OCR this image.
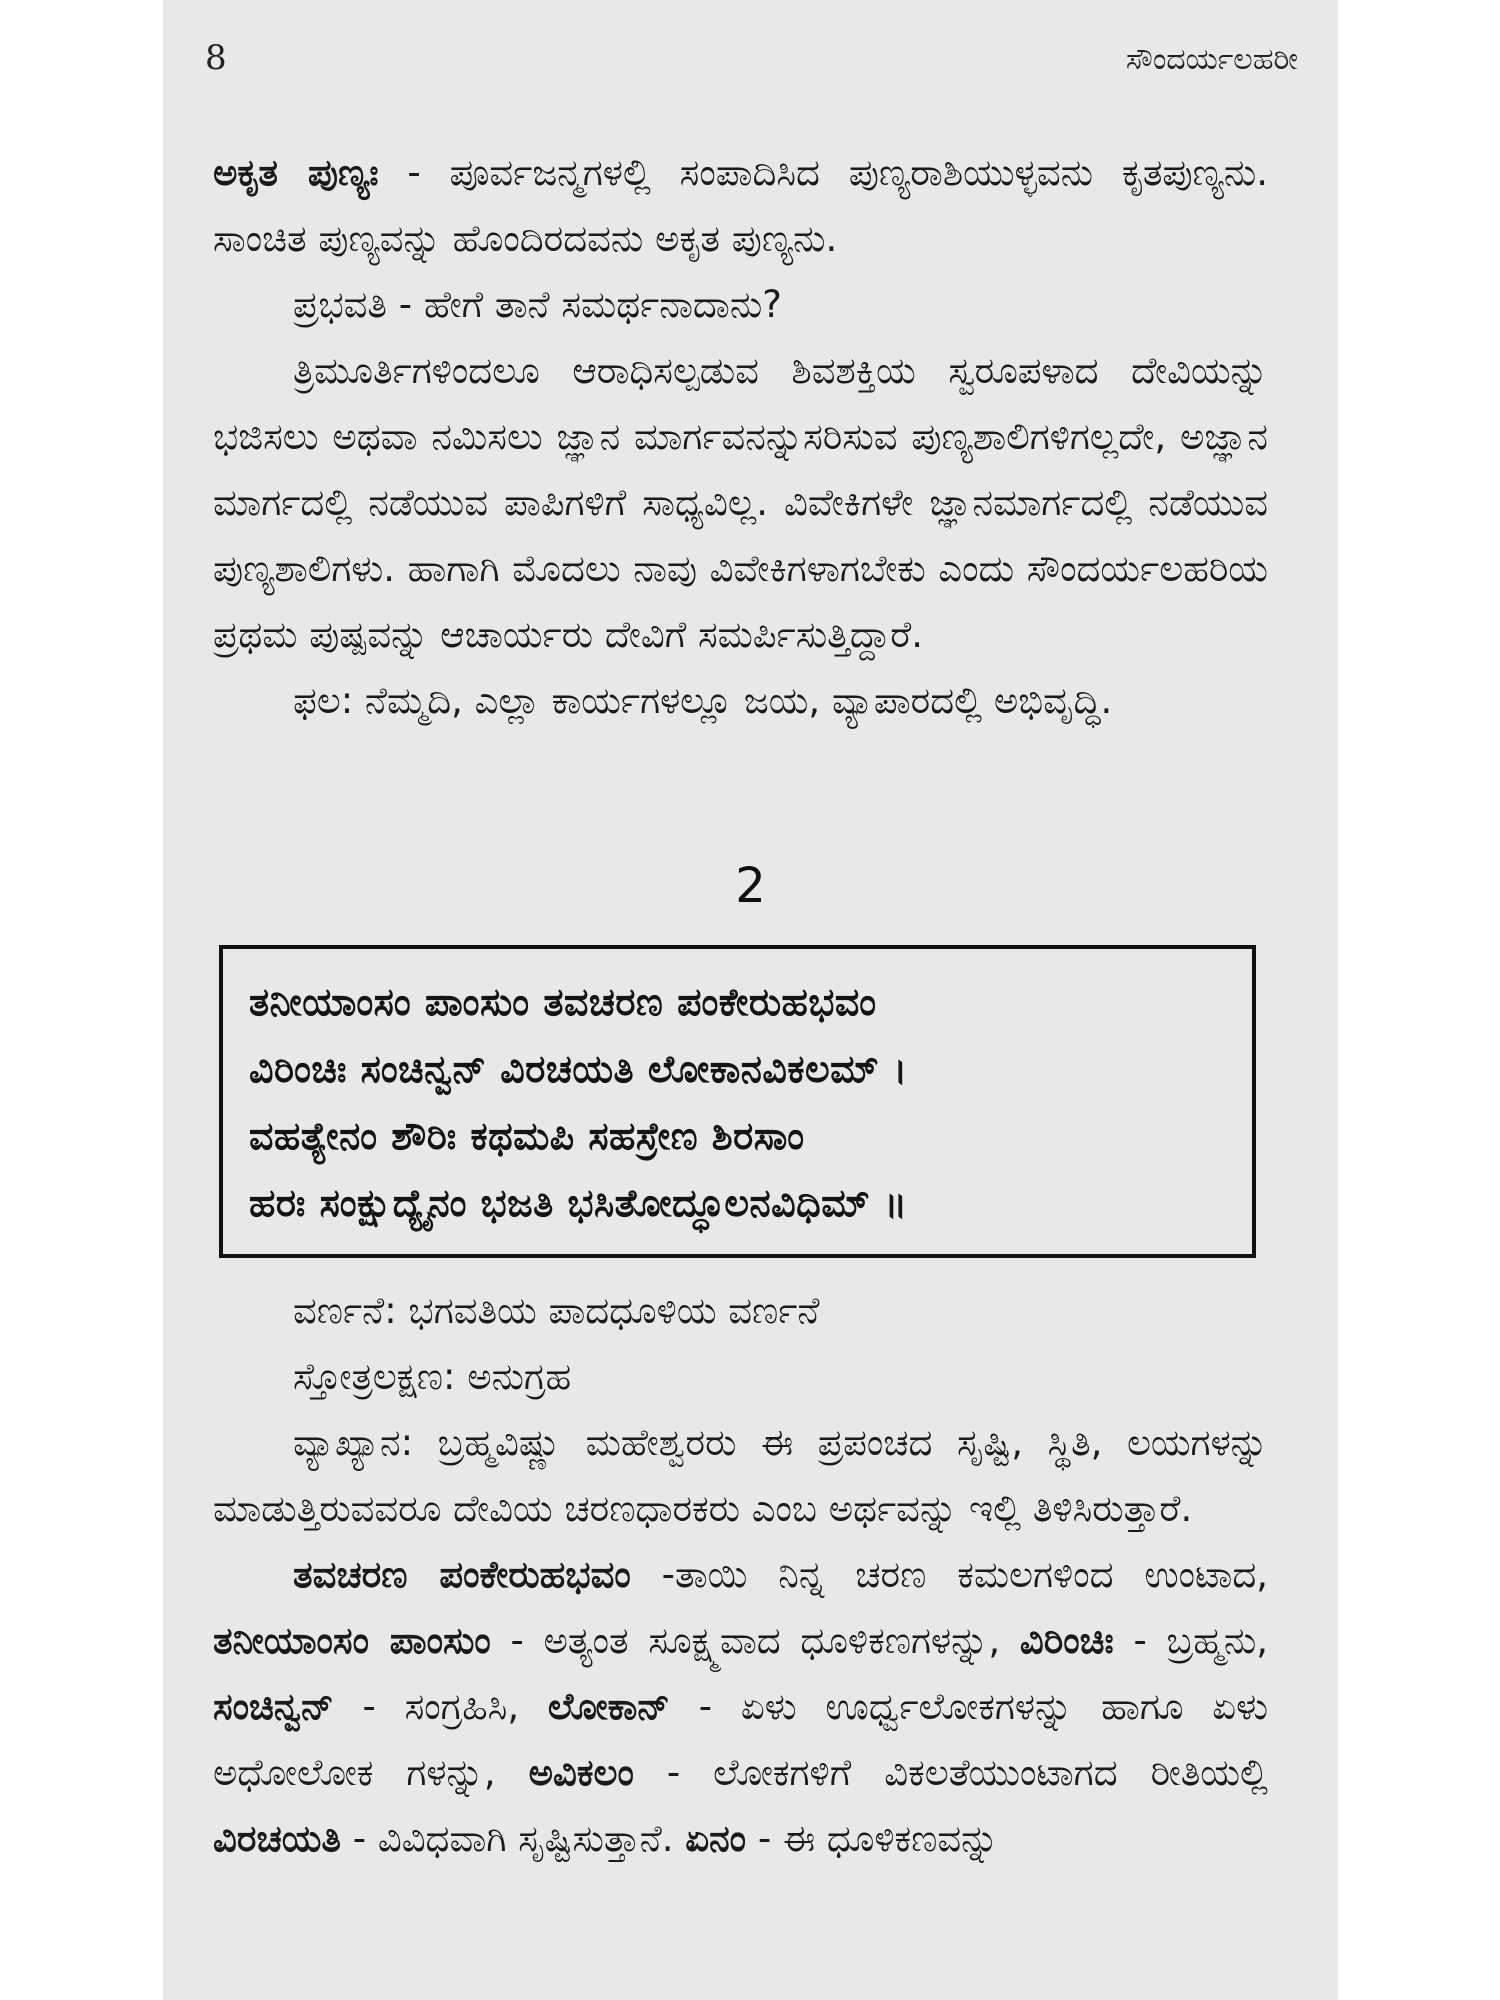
8	ಸೌಂದರ್ಯಲಹರೀ

ಅಕೃತ ಪುಣ್ಯಃ - ಪೂರ್ವಜನ್ಮಗಳಲ್ಲಿ ಸಂಪಾದಿಸಿದ ಪುಣ್ಯರಾಶಿಯುಳ್ಳವನು ಕೃತಪುಣ್ಯನು. ಸಾಂಚಿತ ಪುಣ್ಯವನ್ನು ಹೊಂದಿರದವನು ಅಕೃತ ಪುಣ್ಯನು.

ಪ್ರಭವತಿ - ಹೇಗೆ ತಾನೆ ಸಮರ್ಥನಾದಾನು?

ತ್ರಿಮೂರ್ತಿಗಳಿಂದಲೂ ಆರಾಧಿಸಲ್ಪಡುವ ಶಿವಶಕ್ತಿಯ ಸ್ವರೂಪಳಾದ ದೇವಿಯನ್ನು ಭಜಿಸಲು ಅಥವಾ ನಮಿಸಲು ಜ್ಞಾನ ಮಾರ್ಗವನನ್ನುಸರಿಸುವ ಪುಣ್ಯಶಾಲಿಗಳಿಗಲ್ಲದೇ, ಅಜ್ಞಾನ ಮಾರ್ಗದಲ್ಲಿ ನಡೆಯುವ ಪಾಪಿಗಳಿಗೆ ಸಾಧ್ಯವಿಲ್ಲ. ವಿವೇಕಿಗಳೇ ಜ್ಞಾನಮಾರ್ಗದಲ್ಲಿ ನಡೆಯುವ ಪುಣ್ಯಶಾಲಿಗಳು. ಹಾಗಾಗಿ ಮೊದಲು ನಾವು ವಿವೇಕಿಗಳಾಗಬೇಕು ಎಂದು ಸೌಂದರ್ಯಲಹರಿಯ ಪ್ರಥಮ ಪುಷ್ಪವನ್ನು ಆಚಾರ್ಯರು ದೇವಿಗೆ ಸಮರ್ಪಿಸುತ್ತಿದ್ದಾರೆ.

ಫಲ: ನೆಮ್ಮದಿ, ಎಲ್ಲಾ ಕಾರ್ಯಗಳಲ್ಲೂ ಜಯ, ವ್ಯಾಪಾರದಲ್ಲಿ ಅಭಿವೃದ್ಧಿ.

2
ತನೀಯಾಂಸಂ ಪಾಂಸುಂ ತವಚರಣ ಪಂಕೇರುಹಭವಂ
ವಿರಿಂಚಿಃ ಸಂಚಿನ್ವನ್ ವಿರಚಯತಿ ಲೋಕಾನವಿಕಲಮ್ ।
ವಹತ್ಯೇನಂ ಶೌರಿಃ ಕಥಮಪಿ ಸಹಸ್ರೇಣ ಶಿರಸಾಂ
ಹರಃ ಸಂಕ್ಷುದ್ಯೈನಂ ಭಜತಿ ಭಸಿತೋದ್ಧೂಲನವಿಧಿಮ್ ॥

ವರ್ಣನೆ: ಭಗವತಿಯ ಪಾದಧೂಳಿಯ ವರ್ಣನೆ

ಸ್ತೋತ್ರಲಕ್ಷಣ: ಅನುಗ್ರಹ

ವ್ಯಾಖ್ಯಾನ: ಬ್ರಹ್ಮವಿಷ್ಣು ಮಹೇಶ್ವರರು ಈ ಪ್ರಪಂಚದ ಸೃಷ್ಟಿ, ಸ್ಥಿತಿ, ಲಯಗಳನ್ನು ಮಾಡುತ್ತಿರುವವರೂ ದೇವಿಯ ಚರಣಧಾರಕರು ಎಂಬ ಅರ್ಥವನ್ನು ಇಲ್ಲಿ ತಿಳಿಸಿರುತ್ತಾರೆ.

ತವಚರಣ ಪಂಕೇರುಹಭವಂ -ತಾಯಿ ನಿನ್ನ ಚರಣ ಕಮಲಗಳಿಂದ ಉಂಟಾದ, ತನೀಯಾಂಸಂ ಪಾಂಸುಂ - ಅತ್ಯಂತ ಸೂಕ್ಷ್ಮವಾದ ಧೂಳಿಕಣಗಳನ್ನು, ವಿರಿಂಚಿಃ - ಬ್ರಹ್ಮನು, ಸಂಚಿನ್ವನ್ - ಸಂಗ್ರಹಿಸಿ, ಲೋಕಾನ್ - ಏಳು ಊರ್ಧ್ವಲೋಕಗಳನ್ನು ಹಾಗೂ ಏಳು ಅಧೋಲೋಕ ಗಳನ್ನು, ಅವಿಕಲಂ - ಲೋಕಗಳಿಗೆ ವಿಕಲತೆಯುಂಟಾಗದ ರೀತಿಯಲ್ಲಿ ವಿರಚಯತಿ - ವಿವಿಧವಾಗಿ ಸೃಷ್ಟಿಸುತ್ತಾನೆ. ಏನಂ - ಈ ಧೂಳಿಕಣವನ್ನು
